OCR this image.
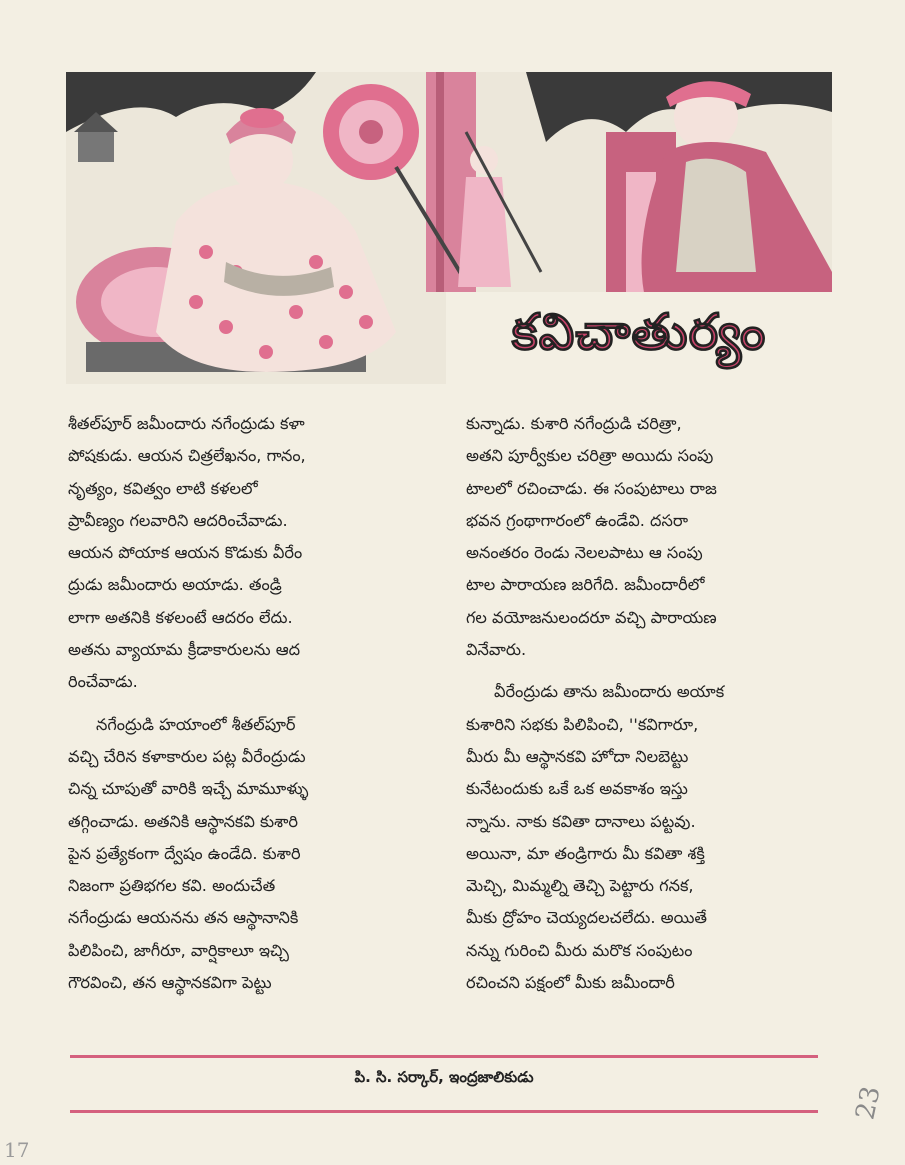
కవిచాతుర్యం
శీతల్‌పూర్ జమీందారు నగేంద్రుడు కళా
పోషకుడు. ఆయన చిత్రలేఖనం, గానం,
నృత్యం, కవిత్వం లాటి కళలలో
ప్రావీణ్యం గలవారిని ఆదరించేవాడు.
ఆయన పోయాక ఆయన కొడుకు వీరేం
ద్రుడు జమీందారు అయాడు. తండ్రి
లాగా అతనికి కళలంటే ఆదరం లేదు.
అతను వ్యాయామ క్రీడాకారులను ఆద
రించేవాడు.
నగేంద్రుడి హయాంలో శీతల్‌పూర్
వచ్చి చేరిన కళాకారుల పట్ల వీరేంద్రుడు
చిన్న చూపుతో వారికి ఇచ్చే మామూళ్ళు
తగ్గించాడు. అతనికి ఆస్థానకవి కుశారి
పైన ప్రత్యేకంగా ద్వేషం ఉండేది. కుశారి
నిజంగా ప్రతిభగల కవి. అందుచేత
నగేంద్రుడు ఆయనను తన ఆస్థానానికి
పిలిపించి, జాగీరూ, వార్షికాలూ ఇచ్చి
గౌరవించి, తన ఆస్థానకవిగా పెట్టు
కున్నాడు. కుశారి నగేంద్రుడి చరిత్రా,
అతని పూర్వీకుల చరిత్రా అయిదు సంపు
టాలలో రచించాడు. ఈ సంపుటాలు రాజ
భవన గ్రంథాగారంలో ఉండేవి. దసరా
అనంతరం రెండు నెలలపాటు ఆ సంపు
టాల పారాయణ జరిగేది. జమీందారీలో
గల వయోజనులందరూ వచ్చి పారాయణ
వినేవారు.
వీరేంద్రుడు తాను జమీందారు అయాక
కుశారిని సభకు పిలిపించి, ''కవిగారూ,
మీరు మీ ఆస్థానకవి హోదా నిలబెట్టు
కునేటందుకు ఒకే ఒక అవకాశం ఇస్తు
న్నాను. నాకు కవితా దానాలు పట్టవు.
అయినా, మా తండ్రిగారు మీ కవితా శక్తి
మెచ్చి, మిమ్మల్ని తెచ్చి పెట్టారు గనక,
మీకు ద్రోహం చెయ్యదలచలేదు. అయితే
నన్ను గురించి మీరు మరొక సంపుటం
రచించని పక్షంలో మీకు జమీందారీ
పి. సి. సర్కార్, ఇంద్రజాలికుడు
23
17
